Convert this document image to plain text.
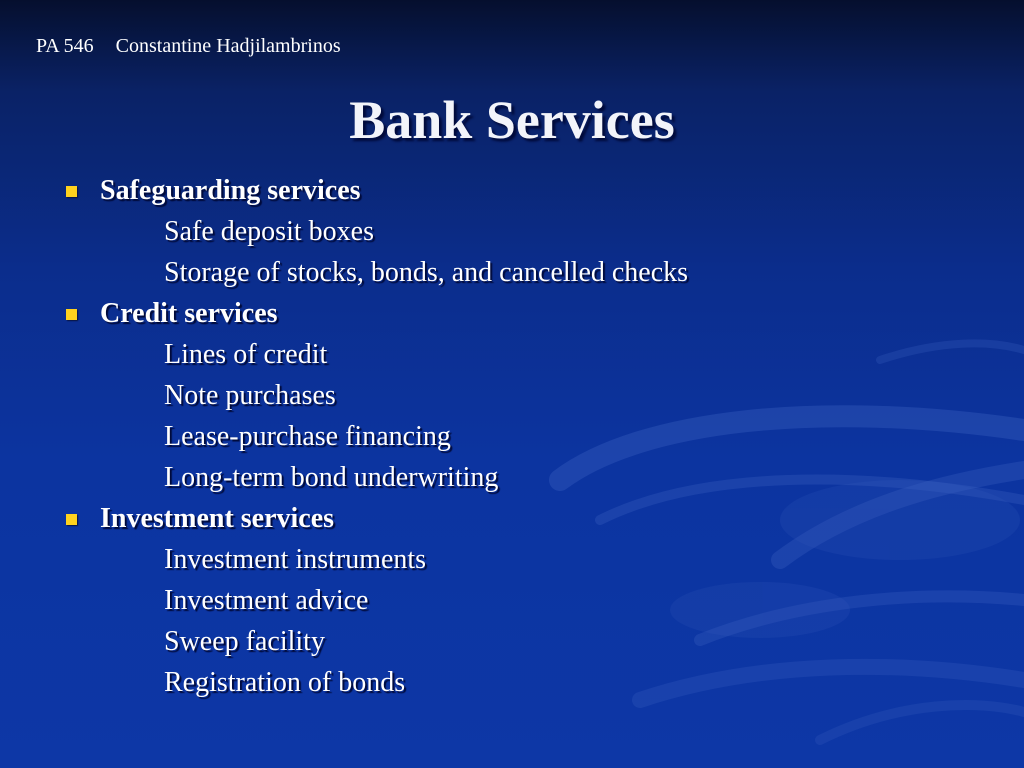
PA 546 Constantine Hadjilambrinos
Bank Services
Safeguarding services
Safe deposit boxes
Storage of stocks, bonds, and cancelled checks
Credit services
Lines of credit
Note purchases
Lease-purchase financing
Long-term bond underwriting
Investment services
Investment instruments
Investment advice
Sweep facility
Registration of bonds
